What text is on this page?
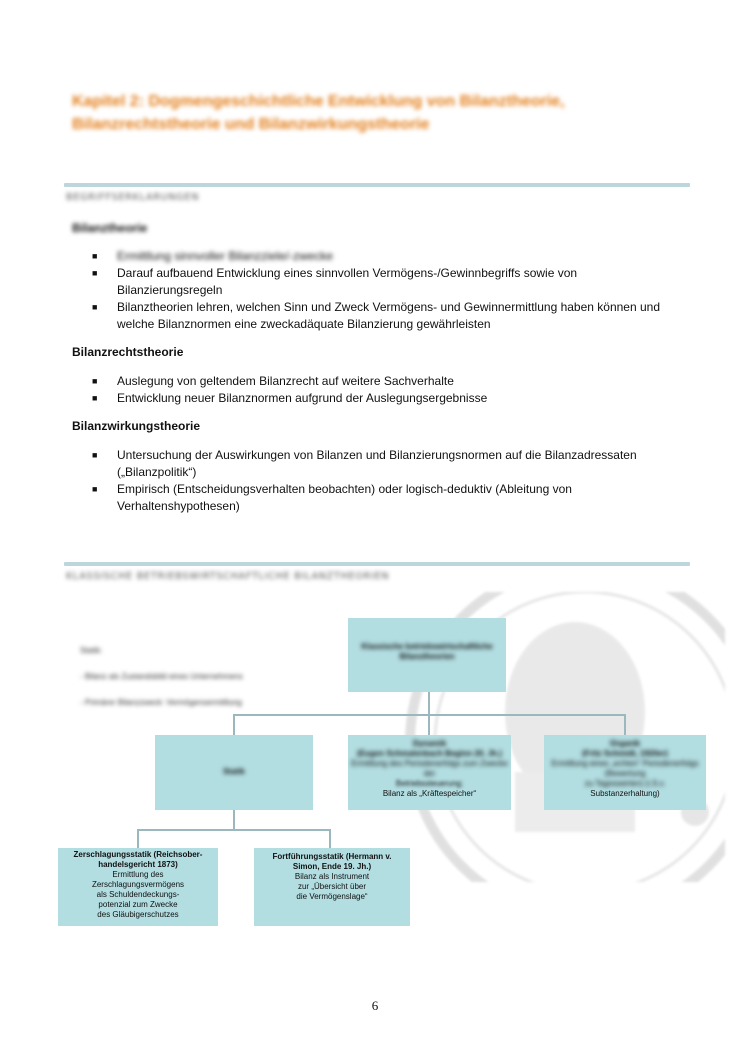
Kapitel 2: Dogmengeschichtliche Entwicklung von Bilanztheorie, Bilanzrechtstheorie und Bilanzwirkungstheorie
BEGRIFFSERKLÄRUNGEN
Bilanztheorie
■ Ermittlung sinnvoller Bilanzziele/-zwecke
■ Darauf aufbauend Entwicklung eines sinnvollen Vermögens-/Gewinnbegriffs sowie von Bilanzierungsregeln
■ Bilanztheorien lehren, welchen Sinn und Zweck Vermögens- und Gewinnermittlung haben können und welche Bilanznormen eine zweckadäquate Bilanzierung gewährleisten
Bilanzrechtstheorie
■ Auslegung von geltendem Bilanzrecht auf weitere Sachverhalte
■ Entwicklung neuer Bilanznormen aufgrund der Auslegungsergebnisse
Bilanzwirkungstheorie
■ Untersuchung der Auswirkungen von Bilanzen und Bilanzierungsnormen auf die Bilanzadressaten („Bilanzpolitik“)
■ Empirisch (Entscheidungsverhalten beobachten) oder logisch-deduktiv (Ableitung von Verhaltenshypothesen)
KLASSISCHE BETRIEBSWIRTSCHAFTLICHE BILANZTHEORIEN
Statik:
- Bilanz als Zustandsbild eines Unternehmens
- Primärer Bilanzzweck: Vermögensermittlung
Klassische betriebswirtschaftliche Bilanztheorien
Statik
Dynamik
(Eugen Schmalenbach Beginn 20. Jh.)
Ermittlung des Periodenerfolgs zum Zwecke der
Betriebssteuerung;
Bilanz als „Kräftespeicher“
Organik
(Fritz Schmidt, 1920er)
Ermittlung eines „echten“ Periodenerfolgs (Bewertung
zu Tageswerten) (i.S.v.
Substanzerhaltung)
Zerschlagungsstatik (Reichsober-handelsgericht 1873)
Ermittlung des
Zerschlagungsvermögens
als Schuldendeckungs-
potenzial zum Zwecke
des Gläubigerschutzes
Fortführungsstatik (Hermann v. Simon, Ende 19. Jh.)
Bilanz als Instrument
zur „Übersicht über
die Vermögenslage“
6
